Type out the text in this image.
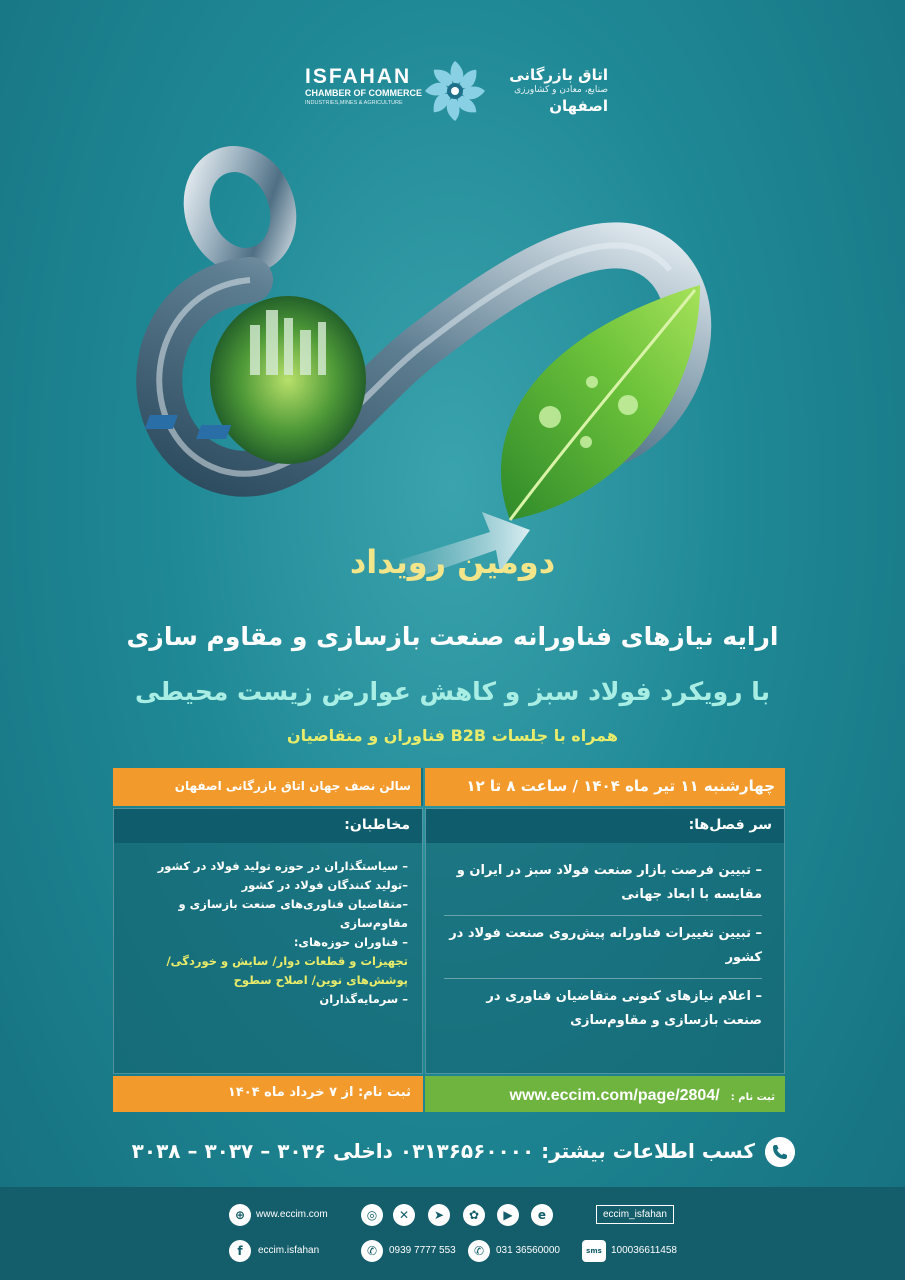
ISFAHAN
CHAMBER OF COMMERCE
INDUSTRIES,MINES & AGRICULTURE
اتاق بازرگانی
صنایع، معادن و کشاورزی
اصفهان
دومین رویداد
ارایه نیازهای فناورانه صنعت بازسازی و مقاوم سازی
با رویکرد فولاد سبز و کاهش عوارض زیست محیطی
همراه با جلسات B2B فناوران و متقاضیان
چهارشنبه ۱۱ تیر ماه ۱۴۰۴ / ساعت ۸ تا ۱۲
سالن نصف جهان اتاق بازرگانی اصفهان
سر فصل‌ها:
– تبیین فرصت بازار صنعت فولاد سبز در ایران و مقایسه با ابعاد جهانی
– تبیین تغییرات فناورانه پیش‌روی صنعت فولاد در کشور
– اعلام نیازهای کنونی متقاضیان فناوری در صنعت بازسازی و مقاوم‌سازی
مخاطبان:
– سیاستگذاران در حوزه تولید فولاد در کشور
–تولید کنندگان فولاد در کشور
–متقاضیان فناوری‌های صنعت بازسازی و مقاوم‌سازی
– فناوران حوزه‌های:
تجهیزات و قطعات دوار/ سایش و خوردگی/ پوشش‌های نوین/ اصلاح سطوح
– سرمایه‌گذاران
ثبت نام : www.eccim.com/page/2804/
ثبت نام: از ۷ خرداد ماه ۱۴۰۴
کسب اطلاعات بیشتر: ۰۳۱۳۶۵۶۰۰۰۰ داخلی ۳۰۳۶ – ۳۰۳۷ – ۳۰۳۸
⊕	www.eccim.com	◎	✕	➤	✿	▶	e	eccim_isfahan
f	eccim.isfahan	✆	0939 7777 553	✆	031 36560000	sms 100036611458
